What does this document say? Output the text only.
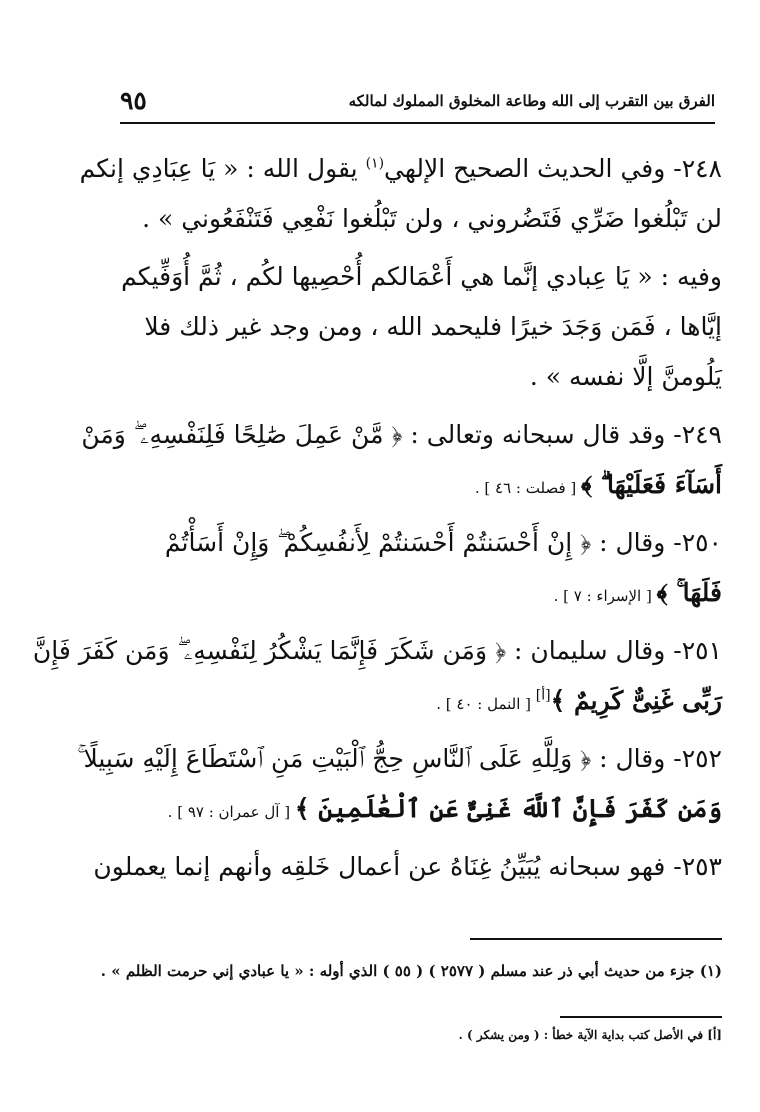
الفرق بين التقرب إلى الله وطاعة المخلوق المملوك لمالكه
٩٥
٢٤٨- وفي الحديث الصحيح الإلهي$^{(١)}$ يقول الله : « يَا عِبَادِي إنكم
لن تَبْلُغوا ضَرِّي فَتَضُروني ، ولن تَبْلُغوا نَفْعِي فَتَنْفَعُوني » .
وفيه : « يَا عِبادي إنَّما هي أَعْمَالكم أُحْصِيها لكُم ، ثُمَّ أُوَفِّيكم
إيَّاها ، فَمَن وَجَدَ خيرًا فليحمد الله ، ومن وجد غير ذلك فلا
يَلُومنَّ إلَّا نفسه » .
٢٤٩- وقد قال سبحانه وتعالى : ﴿ مَّنْ عَمِلَ صَٰلِحًا فَلِنَفْسِهِۦ ۖ وَمَنْ
أَسَآءَ فَعَلَيْهَا ۗ ﴾ [ فصلت : ٤٦ ] .
٢٥٠- وقال : ﴿ إِنْ أَحْسَنتُمْ أَحْسَنتُمْ لِأَنفُسِكُمْ ۖ وَإِنْ أَسَأْتُمْ
فَلَهَا ۚ ﴾ [ الإسراء : ٧ ] .
٢٥١- وقال سليمان : ﴿ وَمَن شَكَرَ فَإِنَّمَا يَشْكُرُ لِنَفْسِهِۦ ۖ وَمَن كَفَرَ فَإِنَّ
رَبِّى غَنِىٌّ كَرِيمٌ ﴾[أ] [ النمل : ٤٠ ] .
٢٥٢- وقال : ﴿ وَلِلَّهِ عَلَى ٱلنَّاسِ حِجُّ ٱلْبَيْتِ مَنِ ٱسْتَطَاعَ إِلَيْهِ سَبِيلًا ۚ
وَمَن كَفَرَ فَإِنَّ ٱللَّهَ غَنِىٌّ عَنِ ٱلْعَٰلَمِينَ ﴾ [ آل عمران : ٩٧ ] .
٢٥٣- فهو سبحانه يُبَيِّنُ غِنَاهُ عن أعمال خَلقِه وأنهم إنما يعملون
(١) جزء من حديث أبي ذر عند مسلم ( ٢٥٧٧ ) ( ٥٥ ) الذي أوله : « يا عبادي إني حرمت الظلم » .
[أ] في الأصل كتب بداية الآية خطأ : ( ومن يشكر ) .
